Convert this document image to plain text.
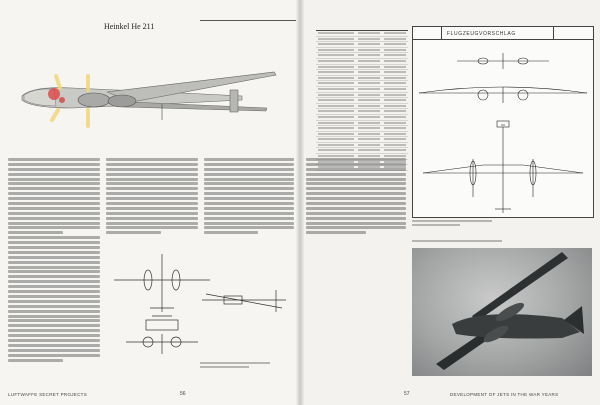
Heinkel He 211
LUFTWAFFE SECRET PROJECTS	56
FLUGZEUGVORSCHLAG
57	DEVELOPMENT OF JETS IN THE WAR YEARS
